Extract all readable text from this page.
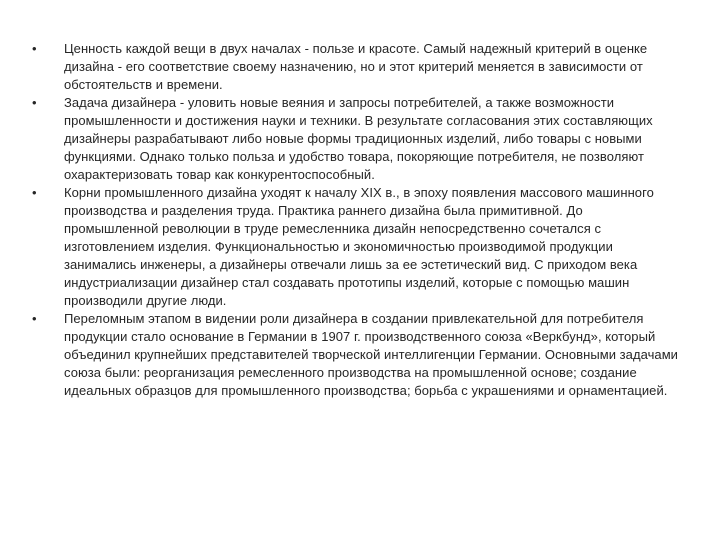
•	Ценность каждой вещи в двух началах - пользе и красоте. Самый надежный критерий в оценке дизайна - его соответствие своему назначению, но и этот критерий меняется в зависимости от обстоятельств и времени.
•	Задача дизайнера - уловить новые веяния и запросы потребителей, а также возможности промышленности и достижения науки и техники. В результате согласования этих составляющих дизайнеры разрабатывают либо новые формы традиционных изделий, либо товары с новыми функциями. Однако только польза и удобство товара, покоряющие потребителя, не позволяют охарактеризовать товар как конкурентоспособный.
•	Корни промышленного дизайна уходят к началу XIX в., в эпоху появления массового машинного производства и разделения труда. Практика раннего дизайна была примитивной. До промышленной революции в труде ремесленника дизайн непосредственно сочетался с изготовлением изделия. Функциональностью и экономичностью производимой продукции занимались инженеры, а дизайнеры отвечали лишь за ее эстетический вид. С приходом века индустриализации дизайнер стал создавать прототипы изделий, которые с помощью машин производили другие люди.
•	Переломным этапом в видении роли дизайнера в создании привлекательной для потребителя продукции стало основание в Германии в 1907 г. производственного союза «Веркбунд», который объединил крупнейших представителей творческой интеллигенции Германии. Основными задачами союза были: реорганизация ремесленного производства на промышленной основе; создание идеальных образцов для промышленного производства; борьба с украшениями и орнаментацией.
